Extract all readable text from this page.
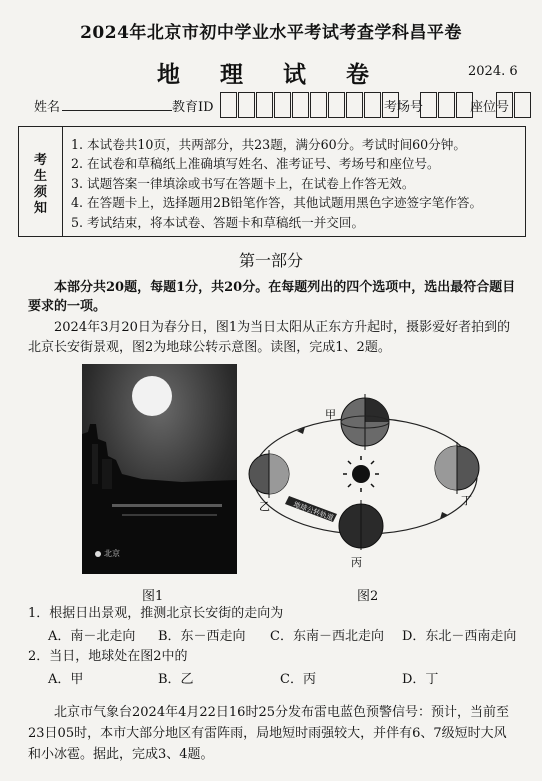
2024年北京市初中学业水平考试考查学科昌平卷
地 理 试 卷	2024. 6
姓名	教育ID	考场号	座位号
考
生
须
知
1. 本试卷共10页，共两部分，共23题，满分60分。考试时间60分钟。
2. 在试卷和草稿纸上准确填写姓名、准考证号、考场号和座位号。
3. 试题答案一律填涂或书写在答题卡上，在试卷上作答无效。
4. 在答题卡上，选择题用2B铅笔作答，其他试题用黑色字迹签字笔作答。
5. 考试结束，将本试卷、答题卡和草稿纸一并交回。
第一部分
本部分共20题，每题1分，共20分。在每题列出的四个选项中，选出最符合题目要求的一项。
2024年3月20日为春分日，图1为当日太阳从正东方升起时，摄影爱好者拍到的
北京长安街景观，图2为地球公转示意图。读图，完成1、2题。
北京
图1
地球公转轨道
甲
乙
丙
丁
图2
1．根据日出景观，推测北京长安街的走向为
A．南－北走向 B．东－西走向 C．东南－西北走向 D．东北－西南走向
2．当日，地球处在图2中的
A．甲	B．乙	C．丙	D．丁
北京市气象台2024年4月22日16时25分发布雷电蓝色预警信号：预计，当前至
23日05时，本市大部分地区有雷阵雨，局地短时雨强较大，并伴有6、7级短时大风
和小冰雹。据此，完成3、4题。
